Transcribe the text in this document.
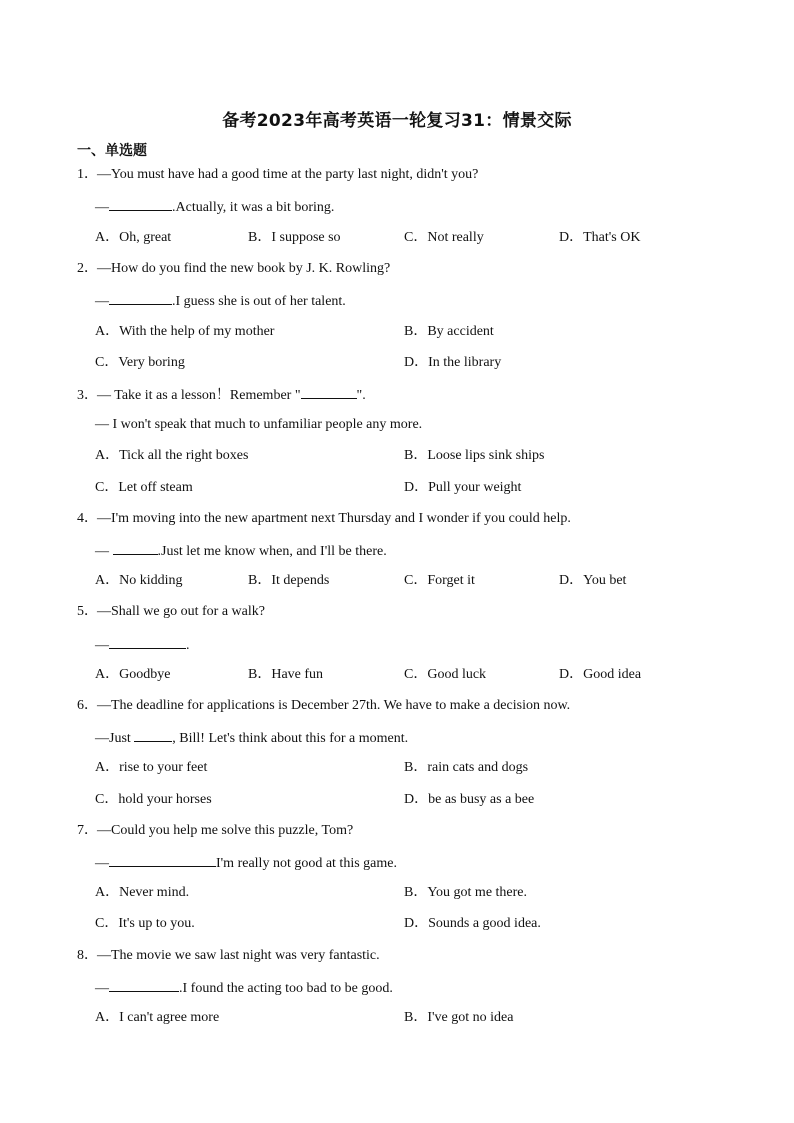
备考2023年高考英语一轮复习31：情景交际
一、单选题
1．—You must have had a good time at the party last night, didn't you?
—	.Actually, it was a bit boring.
A．Oh, great	B．I suppose so	C．Not really	D．That's OK
2．—How do you find the new book by J. K. Rowling?
—	.I guess she is out of her talent.
A．With the help of my mother	B．By accident
C．Very boring	D．In the library
3．— Take it as a lesson！Remember "	".
— I won't speak that much to unfamiliar people any more.
A．Tick all the right boxes	B．Loose lips sink ships
C．Let off steam	D．Pull your weight
4．—I'm moving into the new apartment next Thursday and I wonder if you could help.
—	.Just let me know when, and I'll be there.
A．No kidding	B．It depends	C．Forget it	D．You bet
5．—Shall we go out for a walk?
—	.
A．Goodbye	B．Have fun	C．Good luck	D．Good idea
6．—The deadline for applications is December 27th. We have to make a decision now.
—Just	, Bill! Let's think about this for a moment.
A．rise to your feet	B．rain cats and dogs
C．hold your horses	D．be as busy as a bee
7．—Could you help me solve this puzzle, Tom?
—	I'm really not good at this game.
A．Never mind.	B．You got me there.
C．It's up to you.	D．Sounds a good idea.
8．—The movie we saw last night was very fantastic.
—	.I found the acting too bad to be good.
A．I can't agree more	B．I've got no idea
